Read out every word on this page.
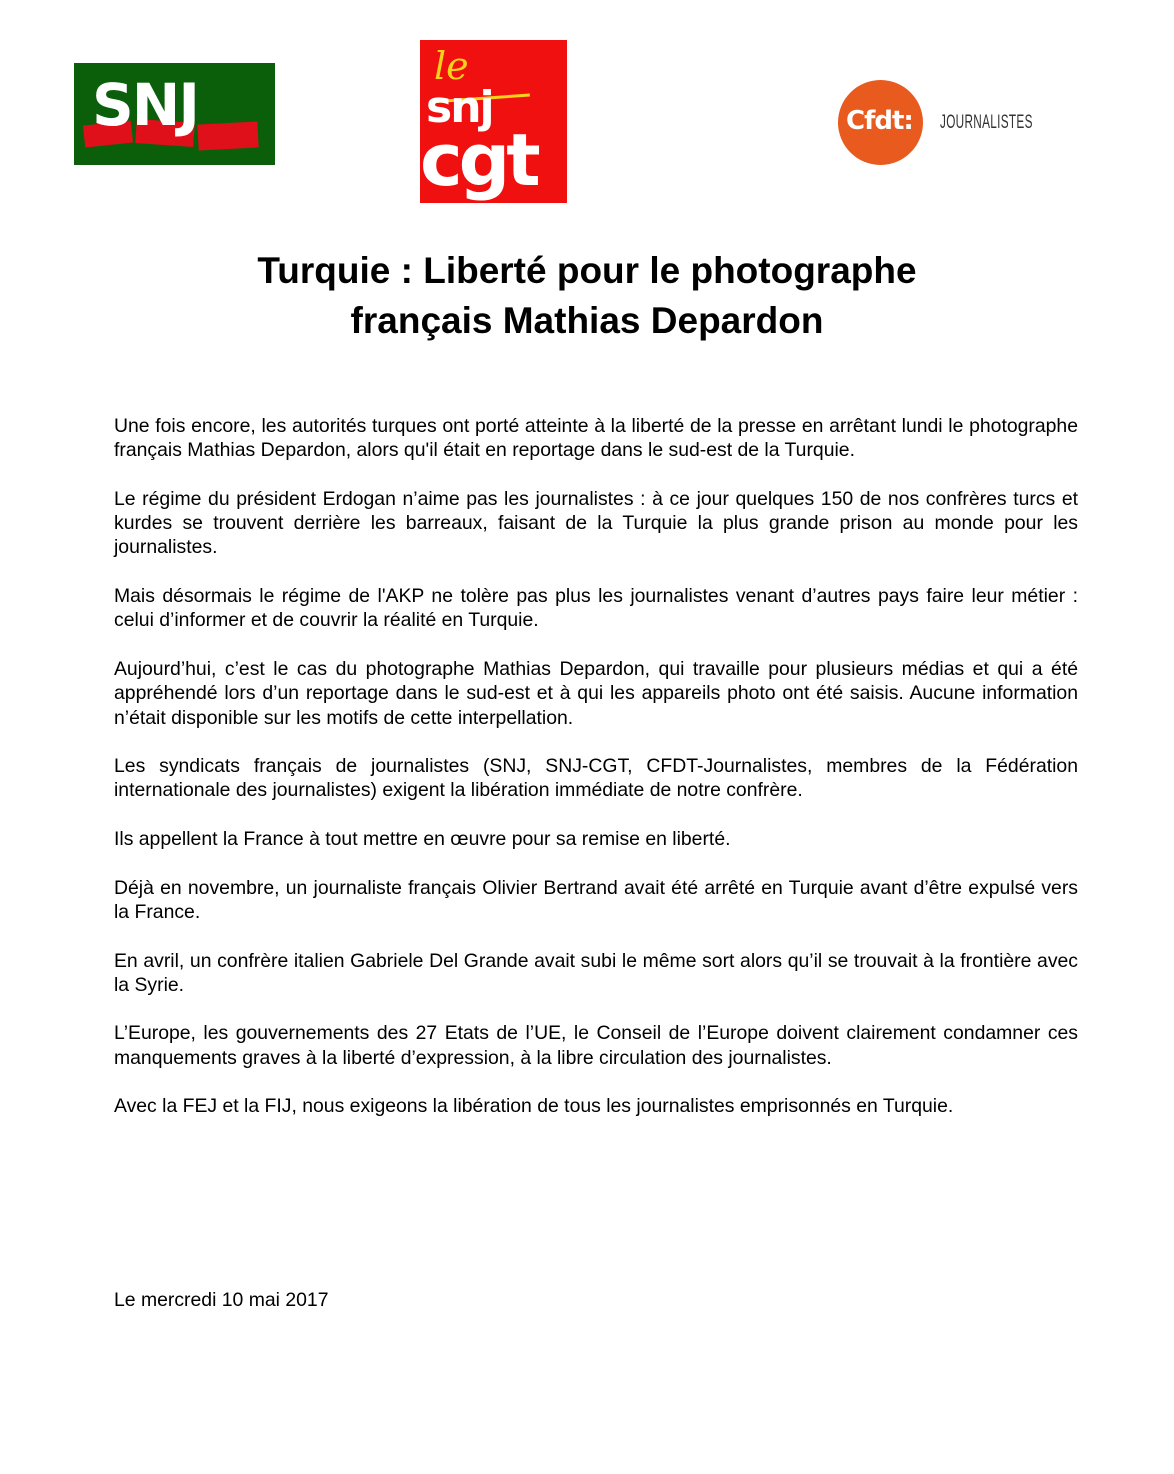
SNJ
le
snj
cgt	Cfdt: JOURNALISTES
Turquie : Liberté pour le photographe
français Mathias Depardon

Une fois encore, les autorités turques ont porté atteinte à la liberté de la presse en arrêtant lundi le photographe français Mathias Depardon, alors qu'il était en reportage dans le sud-est de la Turquie.

Le régime du président Erdogan n’aime pas les journalistes : à ce jour quelques 150 de nos confrères turcs et kurdes se trouvent derrière les barreaux, faisant de la Turquie la plus grande prison au monde pour les journalistes.

Mais désormais le régime de l'AKP ne tolère pas plus les journalistes venant d’autres pays faire leur métier : celui d’informer et de couvrir la réalité en Turquie.

Aujourd’hui, c’est le cas du photographe Mathias Depardon, qui travaille pour plusieurs médias et qui a été appréhendé lors d’un reportage dans le sud-est et à qui les appareils photo ont été saisis. Aucune information n’était disponible sur les motifs de cette interpellation.

Les syndicats français de journalistes (SNJ, SNJ-CGT, CFDT-Journalistes, membres de la Fédération internationale des journalistes) exigent la libération immédiate de notre confrère.

Ils appellent la France à tout mettre en œuvre pour sa remise en liberté.

Déjà en novembre, un journaliste français Olivier Bertrand avait été arrêté en Turquie avant d’être expulsé vers la France.

En avril, un confrère italien Gabriele Del Grande avait subi le même sort alors qu’il se trouvait à la frontière avec la Syrie.

L’Europe, les gouvernements des 27 Etats de l’UE, le Conseil de l’Europe doivent clairement condamner ces manquements graves à la liberté d’expression, à la libre circulation des journalistes.

Avec la FEJ et la FIJ, nous exigeons la libération de tous les journalistes emprisonnés en Turquie.

Le mercredi 10 mai 2017
